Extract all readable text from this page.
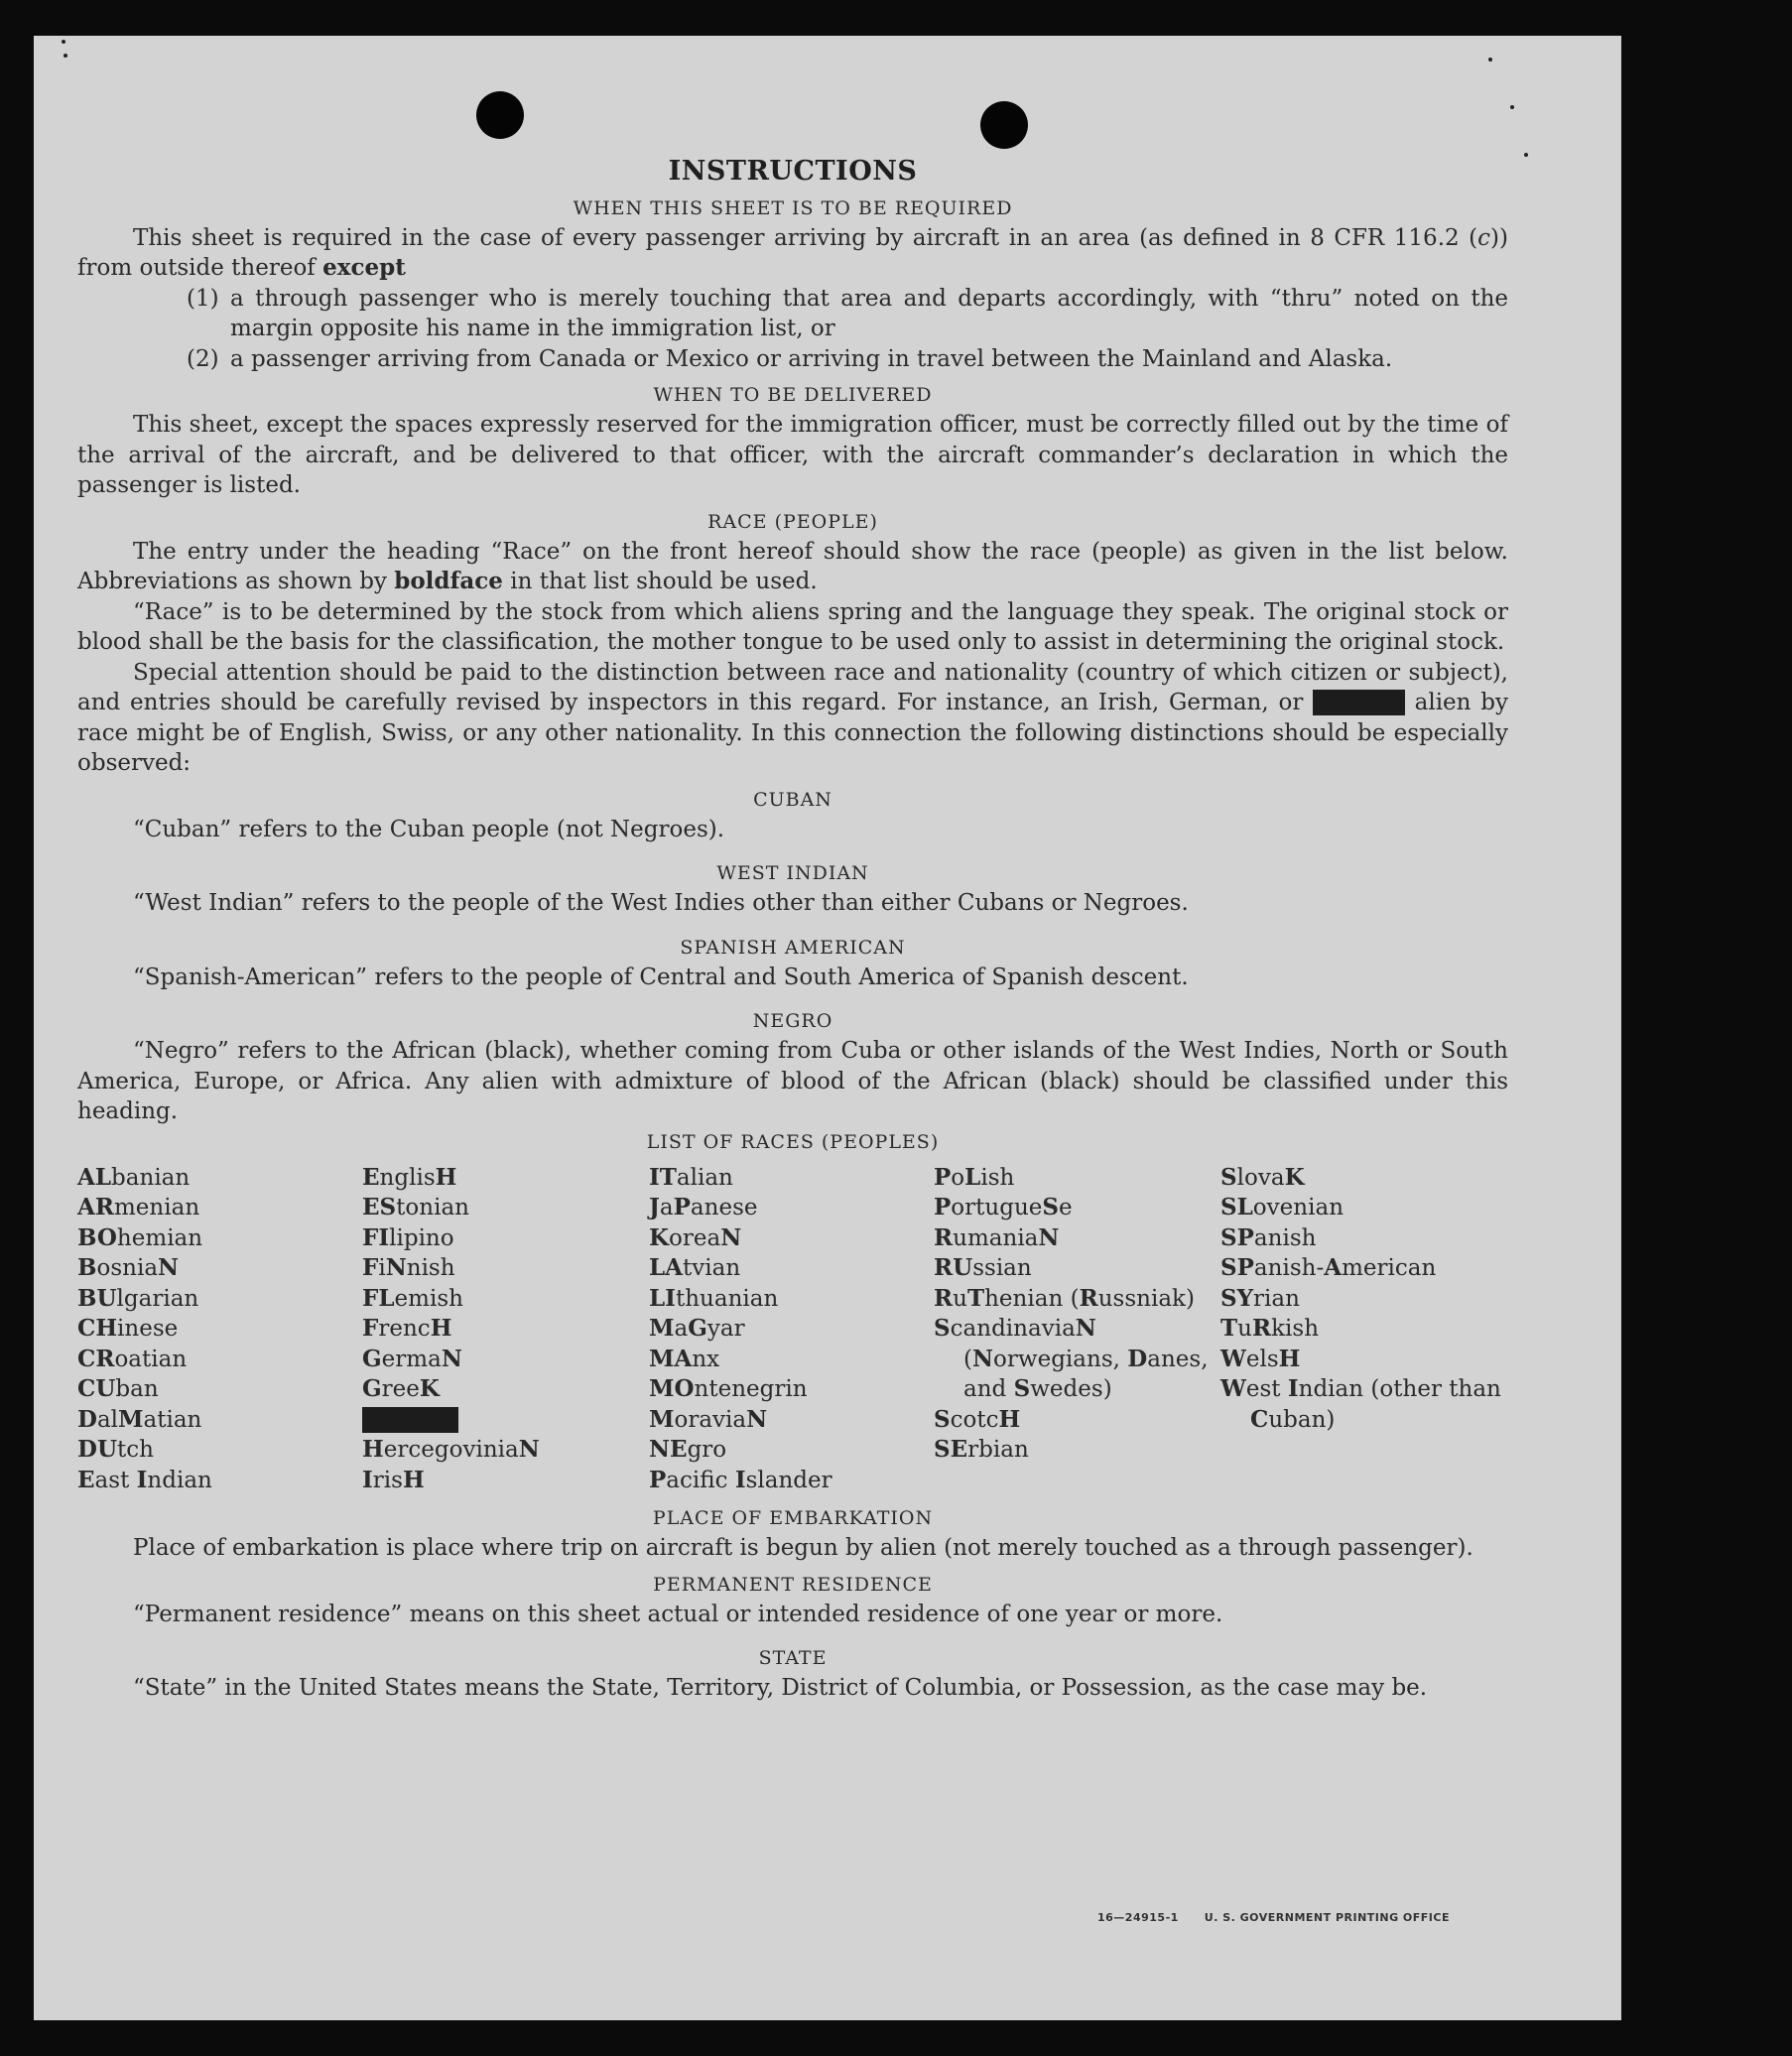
INSTRUCTIONS
WHEN THIS SHEET IS TO BE REQUIRED

This sheet is required in the case of every passenger arriving by aircraft in an area (as defined in 8 CFR 116.2 (c)) from outside thereof except

(1) a through passenger who is merely touching that area and departs accordingly, with “thru” noted on the margin opposite his name in the immigration list, or
(2) a passenger arriving from Canada or Mexico or arriving in travel between the Mainland and Alaska.
WHEN TO BE DELIVERED

This sheet, except the spaces expressly reserved for the immigration officer, must be correctly filled out by the time of the arrival of the aircraft, and be delivered to that officer, with the aircraft commander’s declaration in which the passenger is listed.

RACE (PEOPLE)

The entry under the heading “Race” on the front hereof should show the race (people) as given in the list below. Abbreviations as shown by boldface in that list should be used.

“Race” is to be determined by the stock from which aliens spring and the language they speak. The original stock or blood shall be the basis for the classification, the mother tongue to be used only to assist in determining the original stock.

Special attention should be paid to the distinction between race and nationality (country of which citizen or subject), and entries should be carefully revised by inspectors in this regard. For instance, an Irish, German, or Hebrew alien by race might be of English, Swiss, or any other nationality. In this connection the following distinctions should be especially observed:

CUBAN

“Cuban” refers to the Cuban people (not Negroes).

WEST INDIAN

“West Indian” refers to the people of the West Indies other than either Cubans or Negroes.

SPANISH AMERICAN

“Spanish-American” refers to the people of Central and South America of Spanish descent.

NEGRO

“Negro” refers to the African (black), whether coming from Cuba or other islands of the West Indies, North or South America, Europe, or Africa. Any alien with admixture of blood of the African (black) should be classified under this heading.

LIST OF RACES (PEOPLES)
ALbanian
ARmenian
BOhemian
BosniaN
BUlgarian
CHinese
CRoatian
CUban
DalMatian
DUtch
East Indian
EnglisH
EStonian
FIlipino
FiNnish
FLemish
FrencH
GermaN
GreeK
HebreW
HercegoviniaN
IrisH
ITalian
JaPanese
KoreaN
LAtvian
LIthuanian
MaGyar
MAnx
MOntenegrin
MoraviaN
NEgro
Pacifc Islander
PoLish
PortugueSe
RumaniaN
RUssian
RuThenian (Russniak)
ScandinaviaN (Norwegians, Danes, and Swedes)
ScotcH
SErbian
SlovaK
SLovenian
SPanish
SPanish-American
SYrian
TuRkish
WelsH
West Indian (other than Cuban)
PLACE OF EMBARKATION

Place of embarkation is place where trip on aircraft is begun by alien (not merely touched as a through passenger).

PERMANENT RESIDENCE

“Permanent residence” means on this sheet actual or intended residence of one year or more.

STATE

“State” in the United States means the State, Territory, District of Columbia, or Possession, as the case may be.

16—24915-1 U. S. GOVERNMENT PRINTING OFFICE
